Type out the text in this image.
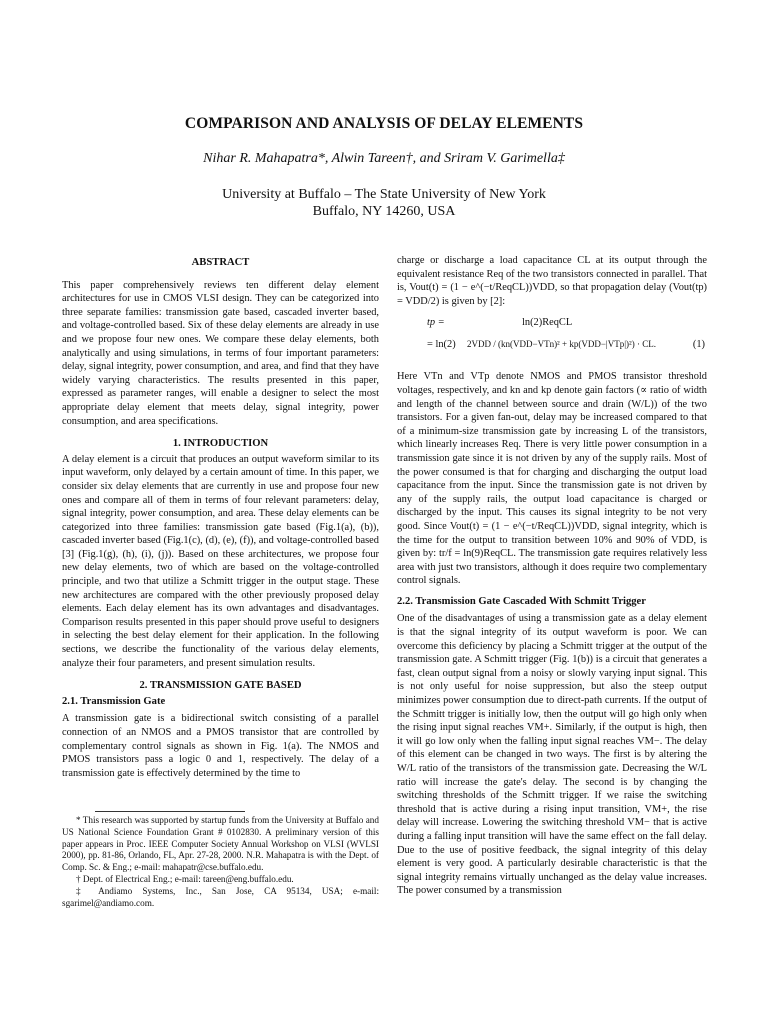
COMPARISON AND ANALYSIS OF DELAY ELEMENTS
Nihar R. Mahapatra*, Alwin Tareen†, and Sriram V. Garimella‡
University at Buffalo – The State University of New York
Buffalo, NY 14260, USA
ABSTRACT

This paper comprehensively reviews ten different delay element architectures for use in CMOS VLSI design. They can be categorized into three separate families: transmission gate based, cascaded inverter based, and voltage-controlled based. Six of these delay elements are already in use and we propose four new ones. We compare these delay elements, both analytically and using simulations, in terms of four important parameters: delay, signal integrity, power consumption, and area, and find that they have widely varying characteristics. The results presented in this paper, expressed as parameter ranges, will enable a designer to select the most appropriate delay element that meets delay, signal integrity, power consumption, and area specifications.

1. INTRODUCTION

A delay element is a circuit that produces an output waveform similar to its input waveform, only delayed by a certain amount of time. In this paper, we consider six delay elements that are currently in use and propose four new ones and compare all of them in terms of four relevant parameters: delay, signal integrity, power consumption, and area. These delay elements can be categorized into three families: transmission gate based (Fig.1(a), (b)), cascaded inverter based (Fig.1(c), (d), (e), (f)), and voltage-controlled based [3] (Fig.1(g), (h), (i), (j)). Based on these architectures, we propose four new delay elements, two of which are based on the voltage-controlled principle, and two that utilize a Schmitt trigger in the output stage. These new architectures are compared with the other previously proposed delay elements. Each delay element has its own advantages and disadvantages. Comparison results presented in this paper should prove useful to designers in selecting the best delay element for their application. In the following sections, we describe the functionality of the various delay elements, analyze their four parameters, and present simulation results.

2. TRANSMISSION GATE BASED
2.1. Transmission Gate

A transmission gate is a bidirectional switch consisting of a parallel connection of an NMOS and a PMOS transistor that are controlled by complementary control signals as shown in Fig. 1(a). The NMOS and PMOS transistors pass a logic 0 and 1, respectively. The delay of a transmission gate is effectively determined by the time to

* This research was supported by startup funds from the University at Buffalo and US National Science Foundation Grant # 0102830. A preliminary version of this paper appears in Proc. IEEE Computer Society Annual Workshop on VLSI (WVLSI 2000), pp. 81-86, Orlando, FL, Apr. 27-28, 2000. N.R. Mahapatra is with the Dept. of Comp. Sc. & Eng.; e-mail: mahapatr@cse.buffalo.edu.

† Dept. of Electrical Eng.; e-mail: tareen@eng.buffalo.edu.

‡ Andiamo Systems, Inc., San Jose, CA 95134, USA; e-mail: sgarimel@andiamo.com.

charge or discharge a load capacitance CL at its output through the equivalent resistance Req of the two transistors connected in parallel. That is, Vout(t) = (1 − e^(−t/ReqCL))VDD, so that propagation delay (Vout(tp) = VDD/2) is given by [2]:

tp =	ln(2)ReqCL
= ln(2) 2VDD / (kn(VDD−VTn)² + kp(VDD−|VTp|)²) · CL.	(1)

Here VTn and VTp denote NMOS and PMOS transistor threshold voltages, respectively, and kn and kp denote gain factors (∝ ratio of width and length of the channel between source and drain (W/L)) of the two transistors. For a given fan-out, delay may be increased compared to that of a minimum-size transmission gate by increasing L of the transistors, which linearly increases Req. There is very little power consumption in a transmission gate since it is not driven by any of the supply rails. Most of the power consumed is that for charging and discharging the output load capacitance from the input. Since the transmission gate is not driven by any of the supply rails, the output load capacitance is charged or discharged by the input. This causes its signal integrity to be not very good. Since Vout(t) = (1 − e^(−t/ReqCL))VDD, signal integrity, which is the time for the output to transition between 10% and 90% of VDD, is given by: tr/f = ln(9)ReqCL. The transmission gate requires relatively less area with just two transistors, although it does require two complementary control signals.

2.2. Transmission Gate Cascaded With Schmitt Trigger

One of the disadvantages of using a transmission gate as a delay element is that the signal integrity of its output waveform is poor. We can overcome this deficiency by placing a Schmitt trigger at the output of the transmission gate. A Schmitt trigger (Fig. 1(b)) is a circuit that generates a fast, clean output signal from a noisy or slowly varying input signal. This is not only useful for noise suppression, but also the steep output minimizes power consumption due to direct-path currents. If the output of the Schmitt trigger is initially low, then the output will go high only when the rising input signal reaches VM+. Similarly, if the output is high, then it will go low only when the falling input signal reaches VM−. The delay of this element can be changed in two ways. The first is by altering the W/L ratio of the transistors of the transmission gate. Decreasing the W/L ratio will increase the gate's delay. The second is by changing the switching thresholds of the Schmitt trigger. If we raise the switching threshold that is active during a rising input transition, VM+, the rise delay will increase. Lowering the switching threshold VM− that is active during a falling input transition will have the same effect on the fall delay. Due to the use of positive feedback, the signal integrity of this delay element is very good. A particularly desirable characteristic is that the signal integrity remains virtually unchanged as the delay value increases. The power consumed by a transmission
